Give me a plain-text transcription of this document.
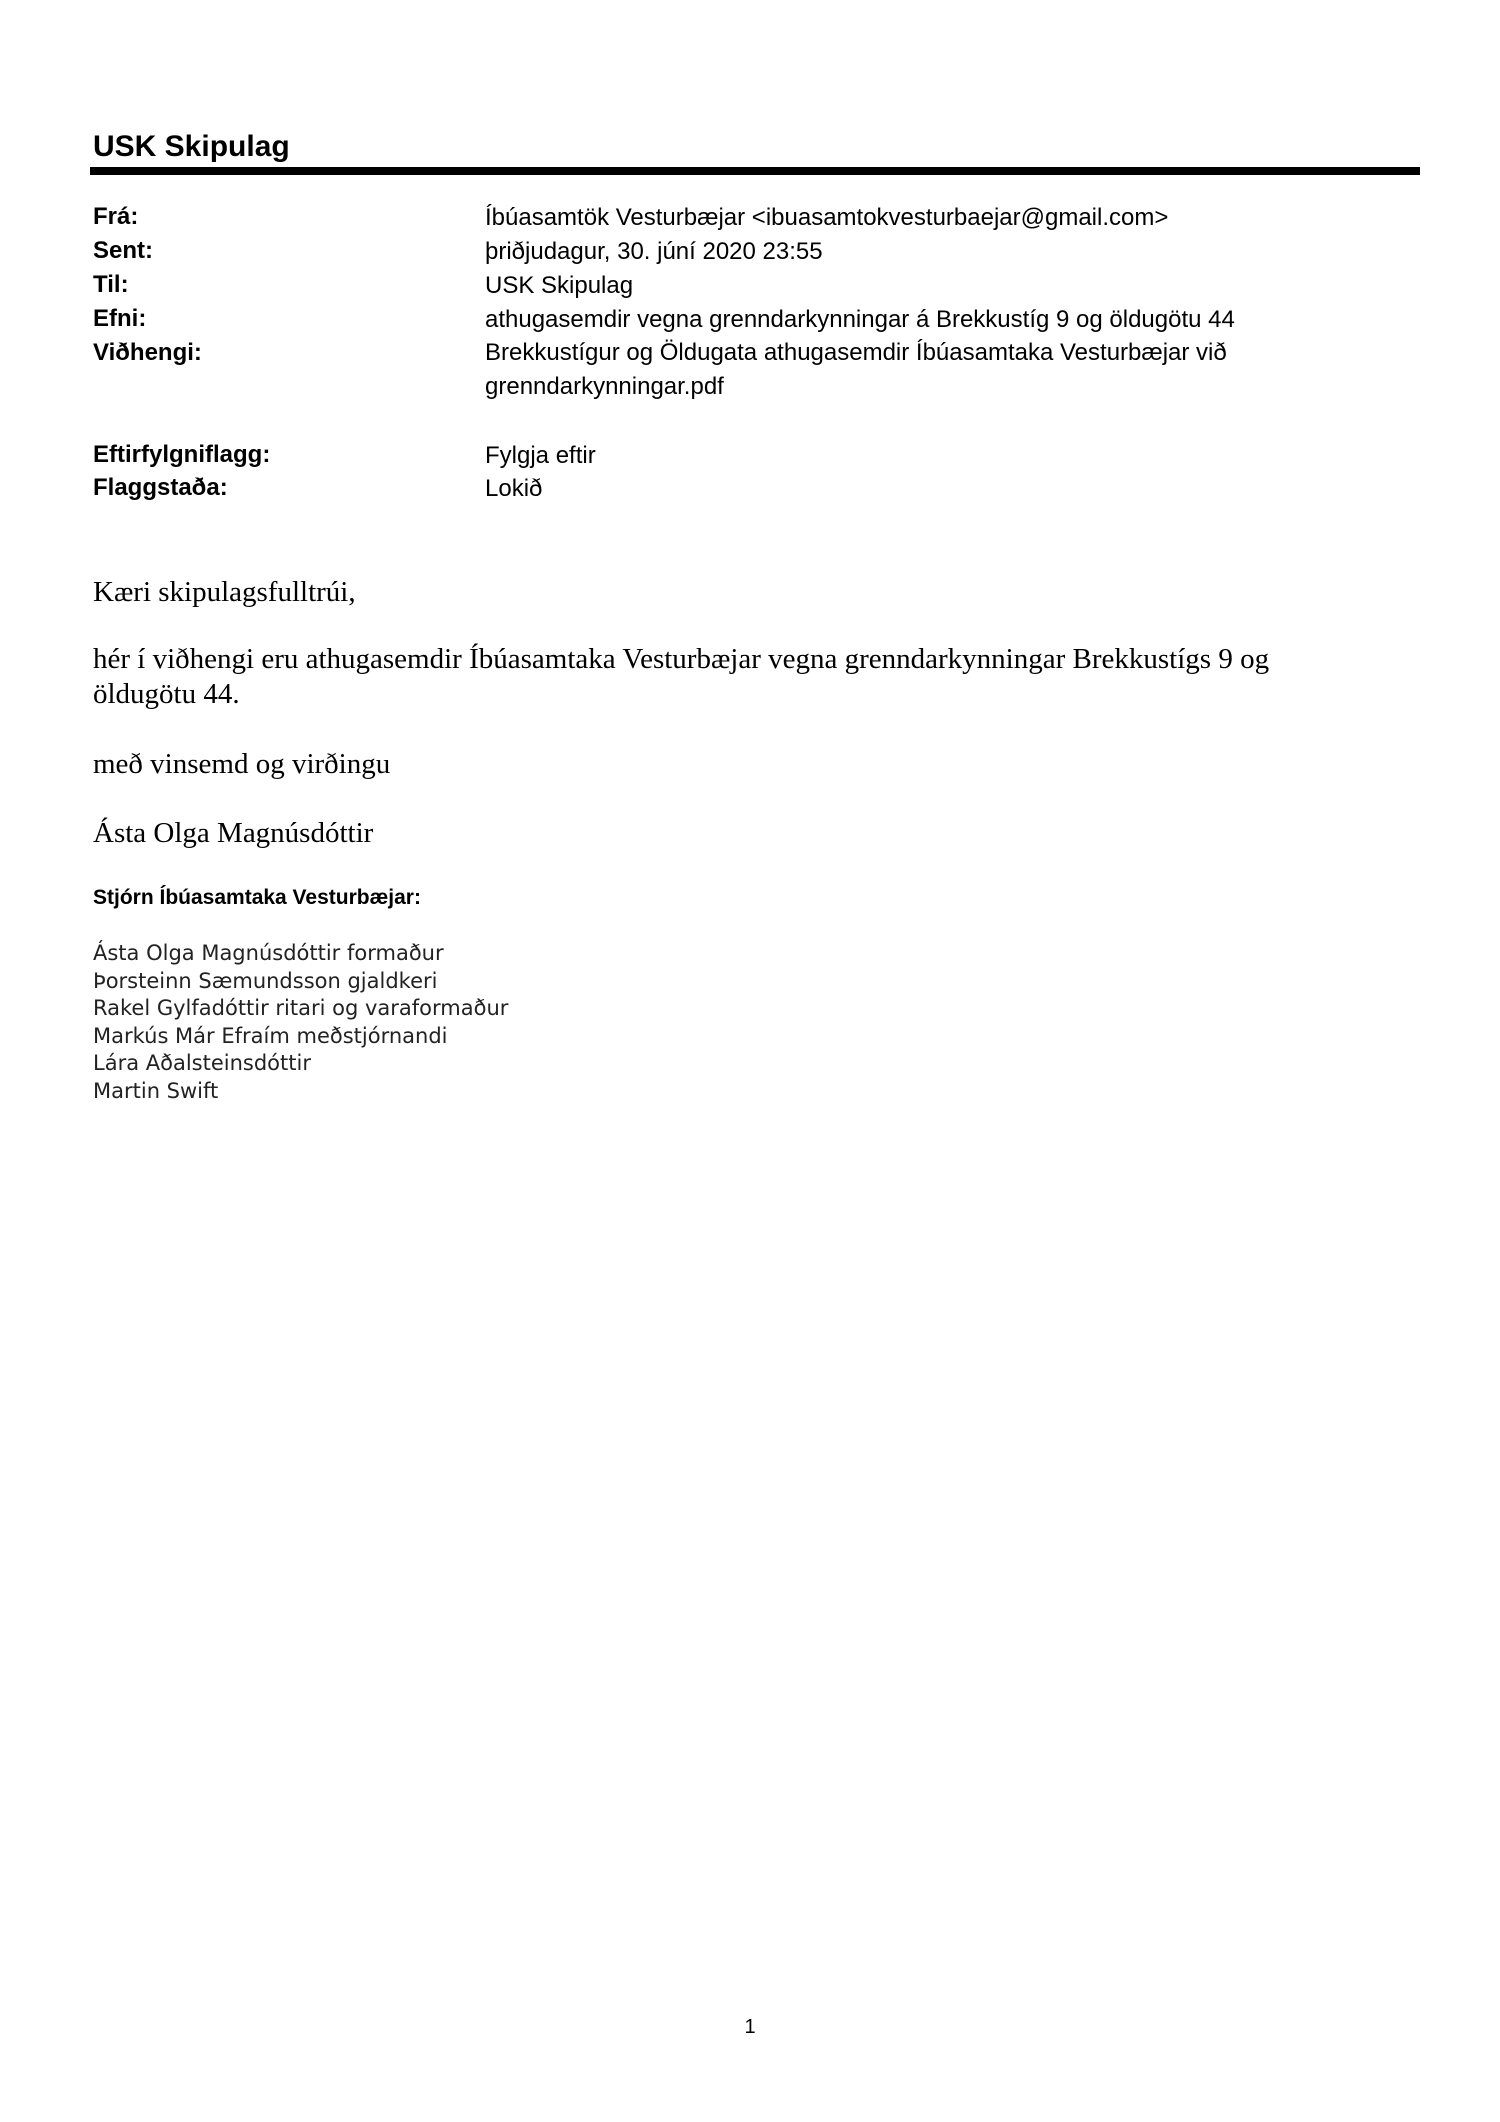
USK Skipulag
Frá:	Íbúasamtök Vesturbæjar <ibuasamtokvesturbaejar@gmail.com>
Sent:	þriðjudagur, 30. júní 2020 23:55
Til:	USK Skipulag
Efni:	athugasemdir vegna grenndarkynningar á Brekkustíg 9 og öldugötu 44
Viðhengi:	Brekkustígur og Öldugata athugasemdir Íbúasamtaka Vesturbæjar við grenndarkynningar.pdf
Eftirfylgniflagg:	Fylgja eftir
Flaggstaða:	Lokið
Kæri skipulagsfulltrúi,
hér í viðhengi eru athugasemdir Íbúasamtaka Vesturbæjar vegna grenndarkynningar Brekkustígs 9 og öldugötu 44.
með vinsemd og virðingu
Ásta Olga Magnúsdóttir
Stjórn Íbúasamtaka Vesturbæjar:
Ásta Olga Magnúsdóttir formaður
Þorsteinn Sæmundsson gjaldkeri
Rakel Gylfadóttir ritari og varaformaður
Markús Már Efraím meðstjórnandi
Lára Aðalsteinsdóttir
Martin Swift
1
